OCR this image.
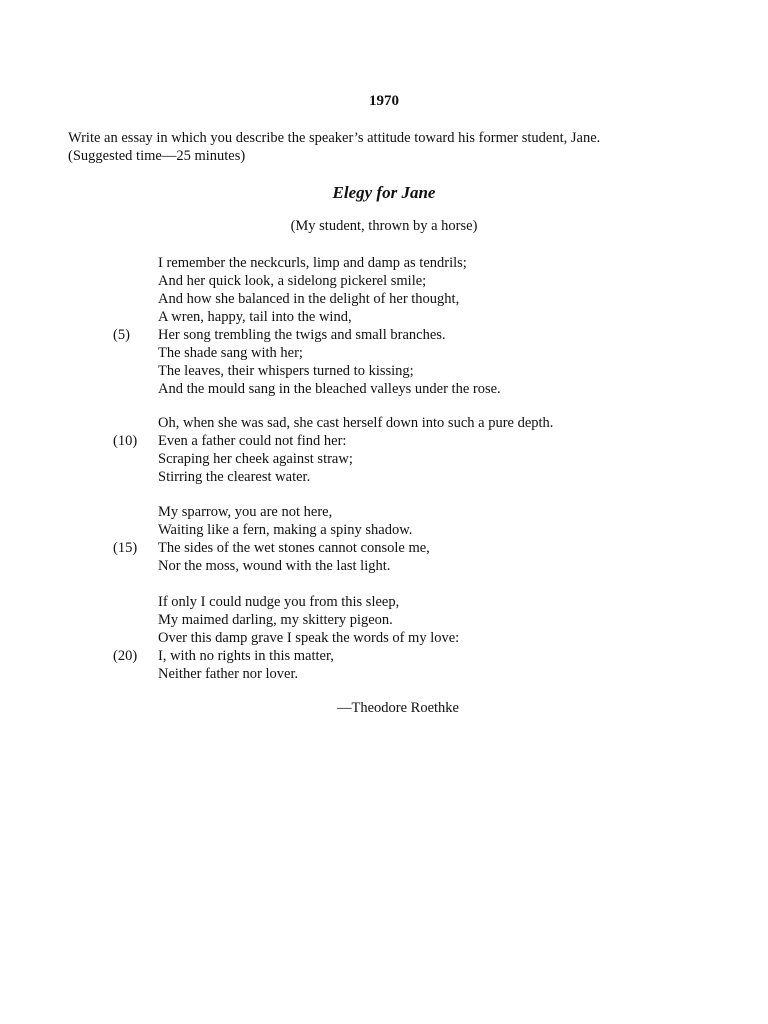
1970
Write an essay in which you describe the speaker’s attitude toward his former student, Jane.
(Suggested time—25 minutes)
Elegy for Jane
(My student, thrown by a horse)
I remember the neckcurls, limp and damp as tendrils;
And her quick look, a sidelong pickerel smile;
And how she balanced in the delight of her thought,
A wren, happy, tail into the wind,
(5) Her song trembling the twigs and small branches.
The shade sang with her;
The leaves, their whispers turned to kissing;
And the mould sang in the bleached valleys under the rose.
Oh, when she was sad, she cast herself down into such a pure depth.
(10) Even a father could not find her:
Scraping her cheek against straw;
Stirring the clearest water.
My sparrow, you are not here,
Waiting like a fern, making a spiny shadow.
(15) The sides of the wet stones cannot console me,
Nor the moss, wound with the last light.
If only I could nudge you from this sleep,
My maimed darling, my skittery pigeon.
Over this damp grave I speak the words of my love:
(20) I, with no rights in this matter,
Neither father nor lover.
—Theodore Roethke
